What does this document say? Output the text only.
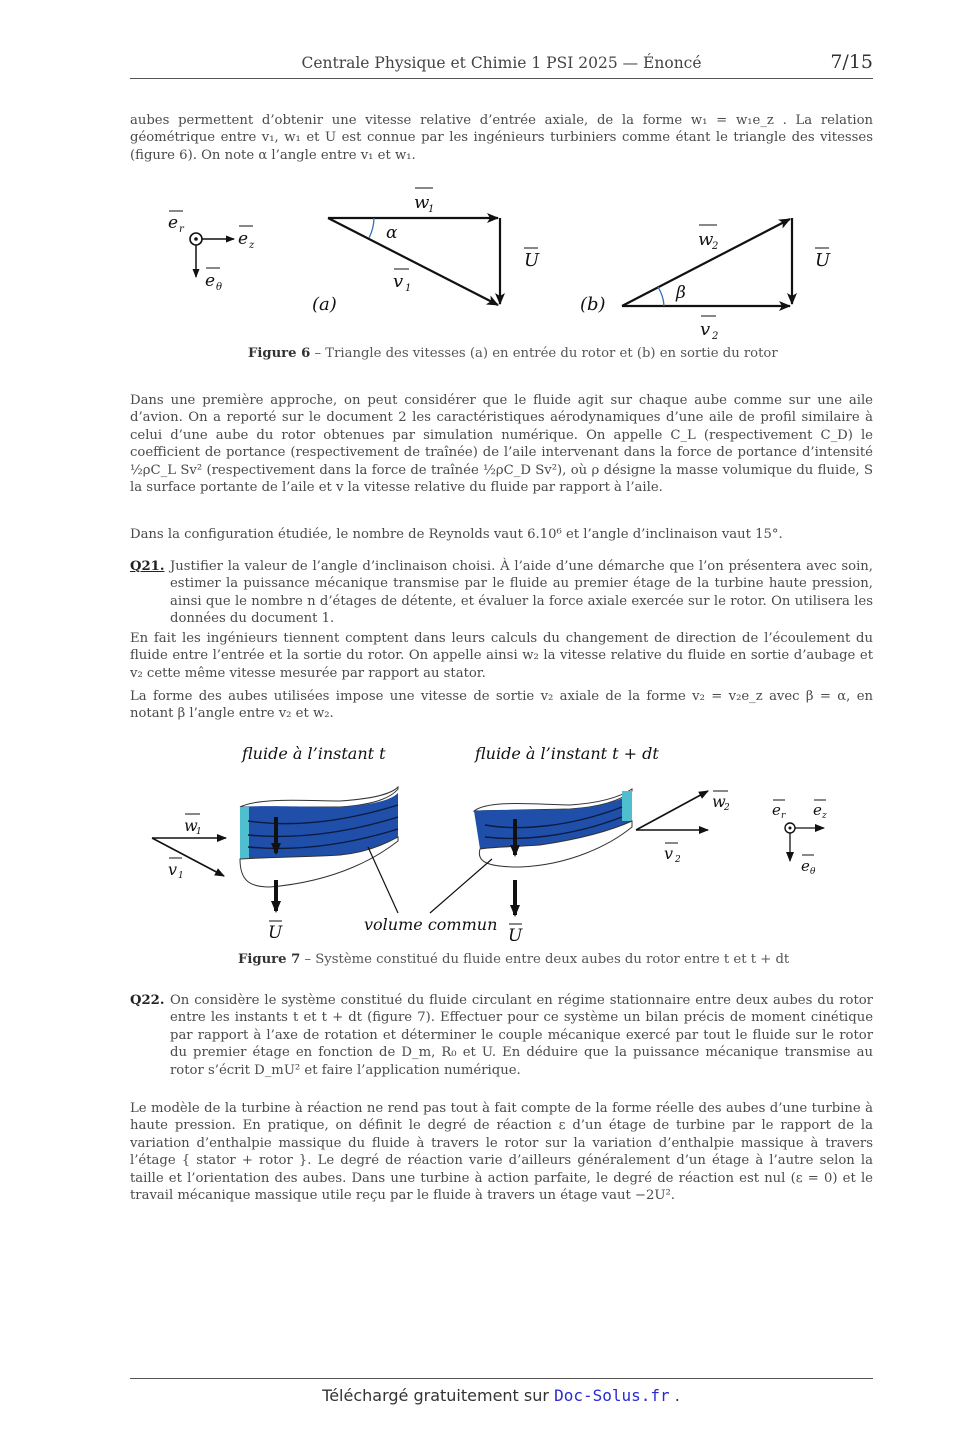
Centrale Physique et Chimie 1 PSI 2025 — Énoncé	7/15

aubes permettent d’obtenir une vitesse relative d’entrée axiale, de la forme w₁ = w₁e_z . La relation géométrique entre v₁, w₁ et U est connue par les ingénieurs turbiniers comme étant le triangle des vitesses (figure 6). On note α l’angle entre v₁ et w₁.

e r	e z
e θ
w
1
α
v 1
U
(a)
w
2
β
v 2
U
(b)
Figure 6 – Triangle des vitesses (a) en entrée du rotor et (b) en sortie du rotor

Dans une première approche, on peut considérer que le fluide agit sur chaque aube comme sur une aile d’avion. On a reporté sur le document 2 les caractéristiques aérodynamiques d’une aile de profil similaire à celui d’une aube du rotor obtenues par simulation numérique. On appelle C_L (respectivement C_D) le coefficient de portance (respectivement de traînée) de l’aile intervenant dans la force de portance d’intensité ½ρC_L Sv² (respectivement dans la force de traînée ½ρC_D Sv²), où ρ désigne la masse volumique du fluide, S la surface portante de l’aile et v la vitesse relative du fluide par rapport à l’aile.

Dans la configuration étudiée, le nombre de Reynolds vaut 6.10⁶ et l’angle d’inclinaison vaut 15°.

Q21. Justifier la valeur de l’angle d’inclinaison choisi. À l’aide d’une démarche que l’on présentera avec soin, estimer la puissance mécanique transmise par le fluide au premier étage de la turbine haute pression, ainsi que le nombre n d’étages de détente, et évaluer la force axiale exercée sur le rotor. On utilisera les données du document 1.

En fait les ingénieurs tiennent comptent dans leurs calculs du changement de direction de l’écoulement du fluide entre l’entrée et la sortie du rotor. On appelle ainsi w₂ la vitesse relative du fluide en sortie d’aubage et v₂ cette même vitesse mesurée par rapport au stator.

La forme des aubes utilisées impose une vitesse de sortie v₂ axiale de la forme v₂ = v₂e_z avec β = α, en notant β l’angle entre v₂ et w₂.

fluide à l’instant t	fluide à l’instant t + dt
w
1
v 1
U	U
w
2
v 2
volume commun
e r e z
e θ
Figure 7 – Système constitué du fluide entre deux aubes du rotor entre t et t + dt
Q22. On considère le système constitué du fluide circulant en régime stationnaire entre deux aubes du rotor entre les instants t et t + dt (figure 7). Effectuer pour ce système un bilan précis de moment cinétique par rapport à l’axe de rotation et déterminer le couple mécanique exercé par tout le fluide sur le rotor du premier étage en fonction de D_m, R₀ et U. En déduire que la puissance mécanique transmise au rotor s’écrit D_mU² et faire l’application numérique.

Le modèle de la turbine à réaction ne rend pas tout à fait compte de la forme réelle des aubes d’une turbine à haute pression. En pratique, on définit le degré de réaction ε d’un étage de turbine par le rapport de la variation d’enthalpie massique du fluide à travers le rotor sur la variation d’enthalpie massique à travers l’étage { stator + rotor }. Le degré de réaction varie d’ailleurs généralement d’un étage à l’autre selon la taille et l’orientation des aubes. Dans une turbine à action parfaite, le degré de réaction est nul (ε = 0) et le travail mécanique massique utile reçu par le fluide à travers un étage vaut −2U².

Téléchargé gratuitement sur Doc-Solus.fr .
